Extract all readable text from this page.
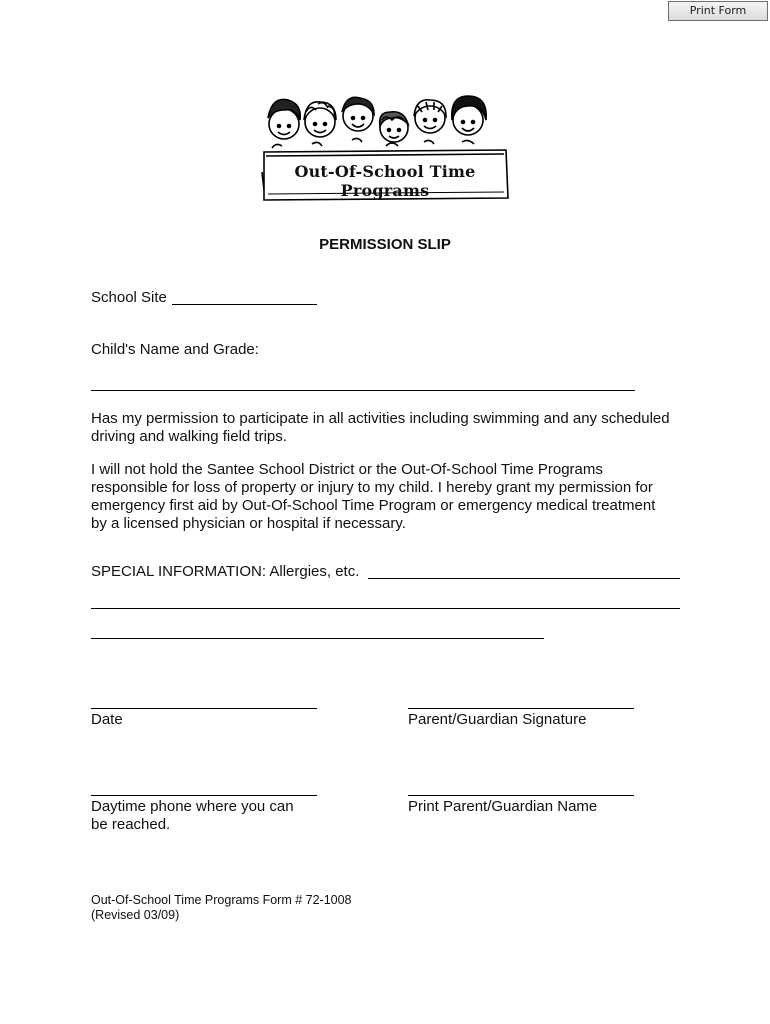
Print Form
Out-Of-School Time Programs
PERMISSION SLIP
School Site
Child's Name and Grade:
Has my permission to participate in all activities including swimming and any scheduled
driving and walking field trips.
I will not hold the Santee School District or the Out-Of-School Time Programs
responsible for loss of property or injury to my child. I hereby grant my permission for
emergency first aid by Out-Of-School Time Program or emergency medical treatment
by a licensed physician or hospital if necessary.
SPECIAL INFORMATION: Allergies, etc.
Date	Parent/Guardian Signature
Daytime phone where you can
be reached.
Print Parent/Guardian Name
Out-Of-School Time Programs Form # 72-1008
(Revised 03/09)
